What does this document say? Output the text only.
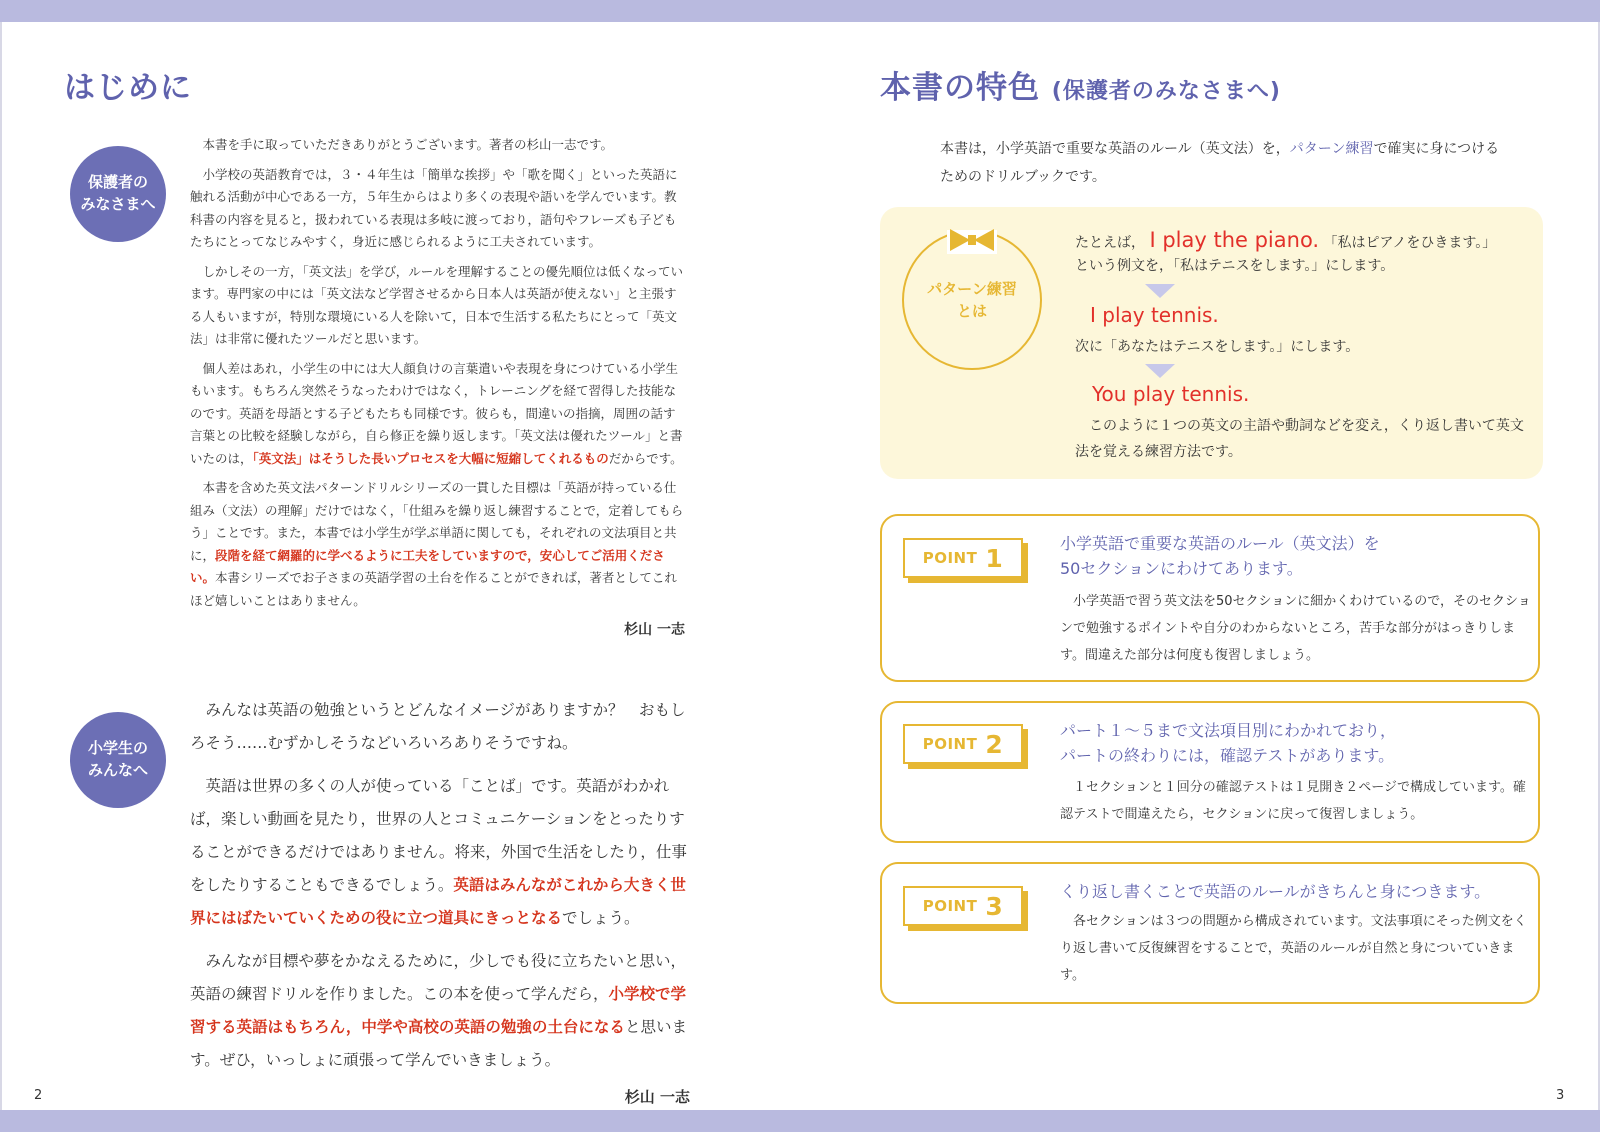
はじめに
保護者の
みなさまへ

本書を手に取っていただきありがとうございます。著者の杉山一志です。

小学校の英語教育では，３・４年生は「簡単な挨拶」や「歌を聞く」といった英語に触れる活動が中心である一方，５年生からはより多くの表現や語いを学んでいます。教科書の内容を見ると，扱われている表現は多岐に渡っており，語句やフレーズも子どもたちにとってなじみやすく，身近に感じられるように工夫されています。

しかしその一方，「英文法」を学び，ルールを理解することの優先順位は低くなっています。専門家の中には「英文法など学習させるから日本人は英語が使えない」と主張する人もいますが，特別な環境にいる人を除いて，日本で生活する私たちにとって「英文法」は非常に優れたツールだと思います。

個人差はあれ，小学生の中には大人顔負けの言葉遣いや表現を身につけている小学生もいます。もちろん突然そうなったわけではなく，トレーニングを経て習得した技能なのです。英語を母語とする子どもたちも同様です。彼らも，間違いの指摘，周囲の話す言葉との比較を経験しながら，自ら修正を繰り返します。「英文法は優れたツール」と書いたのは，「英文法」はそうした長いプロセスを大幅に短縮してくれるものだからです。

本書を含めた英文法パターンドリルシリーズの一貫した目標は「英語が持っている仕組み（文法）の理解」だけではなく，「仕組みを繰り返し練習することで，定着してもらう」ことです。また，本書では小学生が学ぶ単語に関しても，それぞれの文法項目と共に，段階を経て網羅的に学べるように工夫をしていますので，安心してご活用ください。本書シリーズでお子さまの英語学習の土台を作ることができれば，著者としてこれほど嬉しいことはありません。

杉山 一志
小学生の
みんなへ

みんなは英語の勉強というとどんなイメージがありますか？　おもしろそう……むずかしそうなどいろいろありそうですね。

英語は世界の多くの人が使っている「ことば」です。英語がわかれば，楽しい動画を見たり，世界の人とコミュニケーションをとったりすることができるだけではありません。将来，外国で生活をしたり，仕事をしたりすることもできるでしょう。英語はみんながこれから大きく世界にはばたいていくための役に立つ道具にきっとなるでしょう。

みんなが目標や夢をかなえるために，少しでも役に立ちたいと思い，英語の練習ドリルを作りました。この本を使って学んだら，小学校で学習する英語はもちろん，中学や高校の英語の勉強の土台になると思います。ぜひ，いっしょに頑張って学んでいきましょう。

杉山 一志
2
本書の特色 (保護者のみなさまへ)
本書は，小学英語で重要な英語のルール（英文法）を，パターン練習で確実に身につけるためのドリルブックです。
パターン練習
とは
たとえば， I play the piano. 「私はピアノをひきます。」
という例文を，「私はテニスをします。」にします。
I play tennis.
次に「あなたはテニスをします。」にします。
You play tennis.
このように１つの英文の主語や動詞などを変え，くり返し書いて英文法を覚える練習方法です。
POINT 1	小学英語で重要な英語のルール（英文法）を
50セクションにわけてあります。

小学英語で習う英文法を50セクションに細かくわけているので，そのセクションで勉強するポイントや自分のわからないところ，苦手な部分がはっきりします。間違えた部分は何度も復習しましょう。

POINT 2	パート１～５まで文法項目別にわかれており，
パートの終わりには，確認テストがあります。

１セクションと１回分の確認テストは１見開き２ページで構成しています。確認テストで間違えたら，セクションに戻って復習しましょう。

POINT 3	くり返し書くことで英語のルールがきちんと身につきます。

各セクションは３つの問題から構成されています。文法事項にそった例文をくり返し書いて反復練習をすることで，英語のルールが自然と身についていきます。

3
